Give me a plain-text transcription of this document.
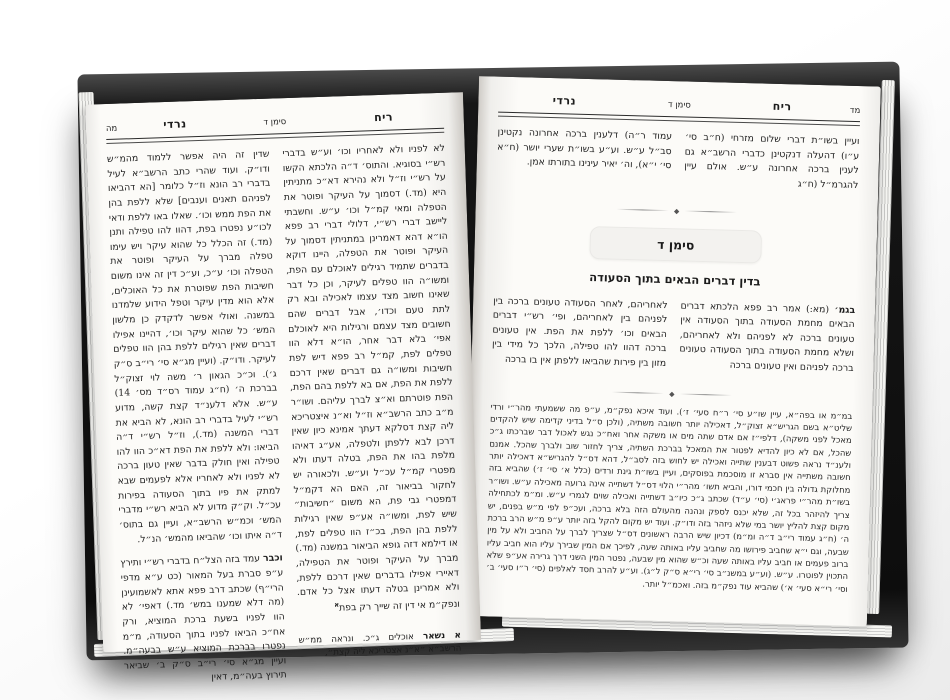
מד
ריח
סימן ד
נרדי

ועיין בשו״ת דברי שלום מזרחי (ח״ב סי׳ ע״ו) דהעלה דנקטינן כדברי הרשב״א גם לענין ברכה אחרונה ע״ש. אולם עיין להגרמ״ל (ח״ג

עמוד ר״ה) דלענין ברכה אחרונה נקטינן סב״ל ע״ש. וע״ע בשו״ת שערי יושר (ח״א סי׳ י״א), וה׳ יאיר עינינו בתורתו אמן.

◆
סימן ד
בדין דברים הבאים בתוך הסעודה

בגמ׳ (מא:) אמר רב פפא הלכתא דברים הבאים מחמת הסעודה בתוך הסעודה אין טעונים ברכה לא לפניהם ולא לאחריהם, ושלא מחמת הסעודה בתוך הסעודה טעונים ברכה לפניהם ואין טעונים ברכה

לאחריהם, לאחר הסעודה טעונים ברכה בין לפניהם בין לאחריהם, ופי׳ רש״י דברים הבאים וכו׳ ללפת את הפת. אין טעונים ברכה דהוו להו טפילה, הלכך כל מידי בין מזון בין פירות שהביאו ללפתן אין בו ברכה

◆
במ״מ או בפה״א, עיין שו״ע סי׳ ר״ח סעי׳ ז׳). ועוד איכא נפק״מ, ע״פ מה ששמעתי מהר״י ורדי שליט״א בשם הגריש״א זצוק״ל, דאכילה יותר חשובה משתיה, (ולכן ס״ל בדיני קדימה שיש להקדים מאכל לפני משקה), דלפי״ז אם אדם שתה מים או משקה אחר ואח״כ נגש לאכול דבר שברכתו ג״כ שהכל, אם לא כיון להדיא לפטור את המאכל בברכת השתיה, צריך לחזור שוב ולברך שהכל. אמנם ולענ״ד נראה פשוט דבענין שתייה ואכילה יש לחוש בזה לסב״ל, דהא דס״ל להגריש״א דאכילה יותר חשובה משתייה אין סברא זו מוסכמת בפוסקים, ועיין בשו״ת גינת ורדים (כלל א׳ סי׳ ז׳) שהביא בזה מחלוקת גדולה בין חכמי דורו, והביא תשו׳ מהר״י הלוי דס״ל דשתייה אינה גרועה מאכילה ע״ש. ושו״ר בשו״ת מהר״י פראג׳י (סי׳ ע״ד) שכתב ג״כ כיו״ב דשתייה ואכילה שוים לגמרי ע״ש. ומ״מ לכתחילה צריך להיזהר בכל זה, שלא יכנס לספק ונהנה מהעולם הזה בלא ברכה, ועכ״פ לפי מ״ש בפנים, יש מקום קצת להליץ יושר במי שלא ניזהר בזה ודו״ק. ועוד יש מקום להקל בזה יותר ע״פ מ״ש הרב ברכת ה׳ (ח״ג עמוד רי״ב ד״ה ומ״מ) דכיון שיש הרבה ראשונים דס״ל שצריך לברך על החביב ולא על מין שבעה, וגם י״א שחביב פירושו מה שחביב עליו באותה שעה, לפיכך אם המין שבירך עליו הוא חביב עליו ברוב פעמים או חביב עליו באותה שעה וכ״ש שהוא מין שבעה, נפטר המין השני דרך גרירה אע״פ שלא התכוין לפוטרו. ע״ש. (וע״ע במשנ״ב סי׳ רי״א ס״ק ל״ג). וע״ע להרב חסד לאלפים (סי׳ ר״ו סעי׳ ב׳ וסי׳ רי״א סעי׳ א׳) שהביא עוד נפק״מ בזה. ואכמ״ל יותר.
ריח
סימן ד
נרדי
מה

לא לפניו ולא לאחריו וכו׳ וע״ש בדברי רש״י בסוגיא. והתוס׳ ד״ה הלכתא הקשו על רש״י וז״ל ולא נהירא דא״כ מתניתין היא (מד.) דסמוך על העיקר ופוטר את הטפלה ומאי קמ״ל וכו׳ ע״ש. וחשבתי ליישב דברי רש״י, דלולי דברי רב פפא הו״א דהא דאמרינן במתניתין דסמוך על העיקר ופוטר את הטפלה, היינו דוקא בדברים שתמיד רגילים לאוכלם עם הפת, ומשו״ה הוו טפלים לעיקר, וכן כל דבר שאינו חשוב מצד עצמו לאכילה ובא רק לתת טעם וכדו׳, אבל דברים שהם חשובים מצד עצמם ורגילות היא לאוכלם אפי׳ בלא דבר אחר, הו״א דלא הוו טפלים לפת, קמ״ל רב פפא דיש לפת חשיבות ומשו״ה גם דברים שאין דרכם ללפת את הפת, אם בא ללפת בהם הפת, הפת פוטרתם וא״צ לברך עליהם. ושו״ר מ״ב כתב הרשב״א וז״ל וא״נ איצטריכא ליה קצת דסלקא דעתך אמינא כיון שאין דרכן לבא ללפתן ולטפלה, אע״ג דאיהו מלפת בהו את הפת, בטלה דעתו ולא מפטרי קמ״ל עכ״ל וע״ש. ולכאורה יש לחקור בביאור זה, האם הא דקמ״ל דמפטרי גבי פת, הא משום ״חשיבות״ שיש לפת, ומשו״ה אע״פ שאין רגילות ללפת בהן הפת, בכ״ז הוו טפלים לפת, או דילמא דזה גופא הביאור במשנה (מד.) מברך על העיקר ופוטר את הטפילה, דאיירי אפילו בדברים שאין דרכם ללפת, ולא אמרינן בטלה דעתו אצל כל אדם. ונפק״מ אי דין זה שייך רק בפת$^א$

א נשאר אוכלים ג״כ. ונראה ממ״ש הרשב״א ״א״נ אצטריכא ליה קצת״,

שדין זה היה אפשר ללמוד מהמ״ש ודו״ק. ועוד שהרי כתב הרשב״א לעיל בדברי רב הונא וז״ל כלומר [הא דהביאו לפניהם תאנים וענבים] שלא ללפת בהן את הפת ממש וכו׳. שאלו באו ללפת ודאי לכו״ע נפטרו בפת, דהוו להו טפילה ותנן (מד.) זה הכלל כל שהוא עיקר ויש עימו טפלה מברך על העיקר ופוטר את הטפלה וכו׳ ע״כ, וע״כ דין זה אינו משום חשיבות הפת שפוטרת את כל האוכלים, אלא הוא מדין עיקר וטפל הידוע שלמדנו במשנה. ואולי אפשר לדקדק כן מלשון המש׳ כל שהוא עיקר וכו׳, דהיינו אפילו דברים שאין רגילים ללפת בהן הוו טפלים לעיקר. ודו״ק. (ועיין מג״א סי׳ רי״ב ס״ק ג׳). וכ״כ הגאון ר׳ משה לוי זצוק״ל בברכת ה׳ (ח״ג עמוד רס״ד מס׳ 14) ע״ש. אלא דלענ״ד קצת קשה, מדוע רש״י לעיל בדברי רב הונא, לא הביא את דברי המשנה (מד.), וז״ל רש״י ד״ה הביאו: ולא ללפת את הפת דא״כ הוו להו טפילה ואין חולק בדבר שאין טעון ברכה לא לפניו ולא לאחריו אלא לפעמים שבא למתק את פיו בתוך הסעודה בפירות עכ״ל. וק״ק מדוע לא הביא רש״י מדברי המש׳ וכמ״ש הרשב״א, ועיין גם בתוס׳ ד״ה איתו וכו׳ שהביאו מהמש׳ הנ״ל.

וכבר עמד בזה הצל״ח בדברי רש״י ותירץ ע״פ סברת בעל המאור (כט ע״א מדפי הרי״ף) שכתב דרב פפא אתא לאשמועינן (מה דלא שמענו במש׳ מד.) דאפי׳ לא הוו לפניו בשעת ברכת המוציא, ורק אח״כ הביאו לפניו בתוך הסעודה, מ״מ נפטרו בברכת המוציא ע״ש בבעה״מ. ועיין מג״א סי׳ רי״ב ס״ק ב׳ שביאר תירוץ בעה״מ, דאין
